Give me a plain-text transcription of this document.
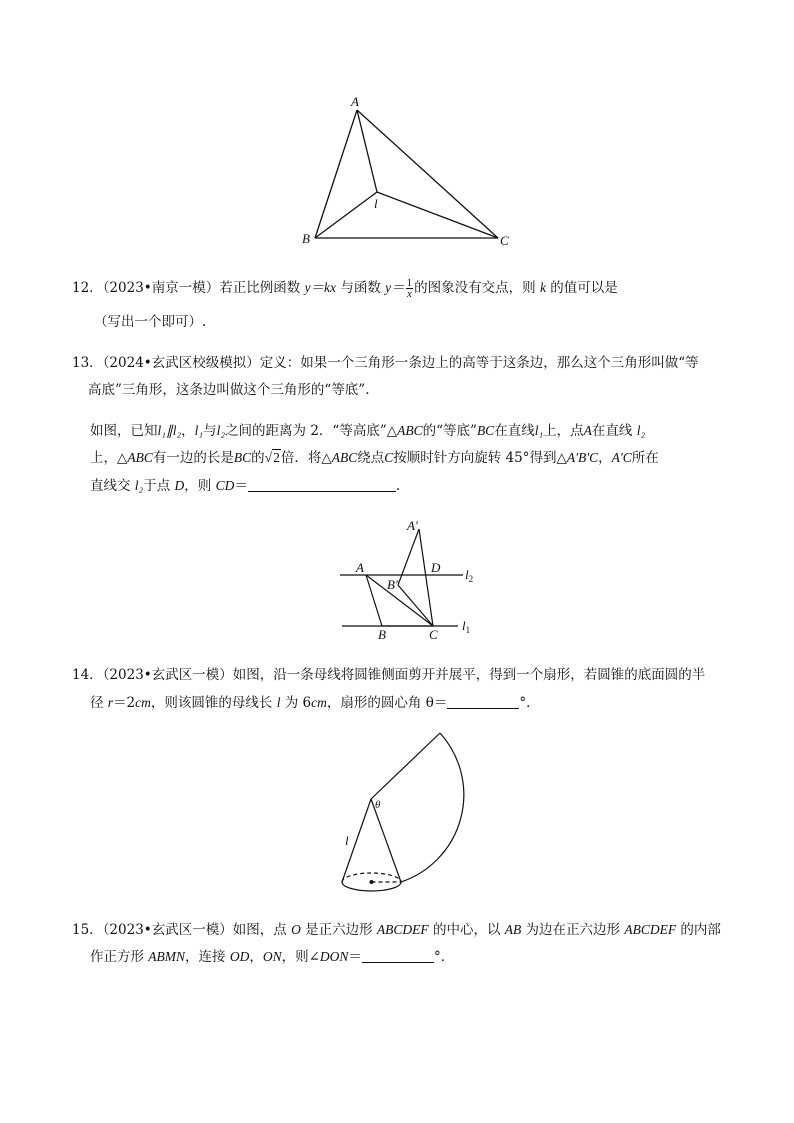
A
B	C
l
12．（2023•南京一模）若正比例函数 y＝kx 与函数 $y= \frac{1}{x}$ 的图象没有交点，则 k 的值可以是
（写出一个即可）.
13．（2024•玄武区校级模拟）定义：如果一个三角形一条边上的高等于这条边，那么这个三角形叫做“等
高底”三角形，这条边叫做这个三角形的“等底”.
如图，已知l₁∥l₂，l₁与l₂之间的距离为 2．“等高底”△ABC的“等底”BC在直线l₁上，点A在直线 l₂
上，△ABC有一边的长是BC的√2倍．将△ABC绕点C按顺时针方向旋转 45°得到△A'B'C，A'C所在
直线交 l₂于点 D，则 CD＝	.
A′
A
B′
D $l_2$
B	C
$l_1$
14．（2023•玄武区一模）如图，沿一条母线将圆锥侧面剪开并展平，得到一个扇形，若圆锥的底面圆的半
径 r＝2cm，则该圆锥的母线长 l 为 6cm，扇形的圆心角 θ＝	°．
θ
l
15．（2023•玄武区一模）如图，点 O 是正六边形 ABCDEF 的中心，以 AB 为边在正六边形 ABCDEF 的内部
作正方形 ABMN，连接 OD，ON，则∠DON＝	°．
